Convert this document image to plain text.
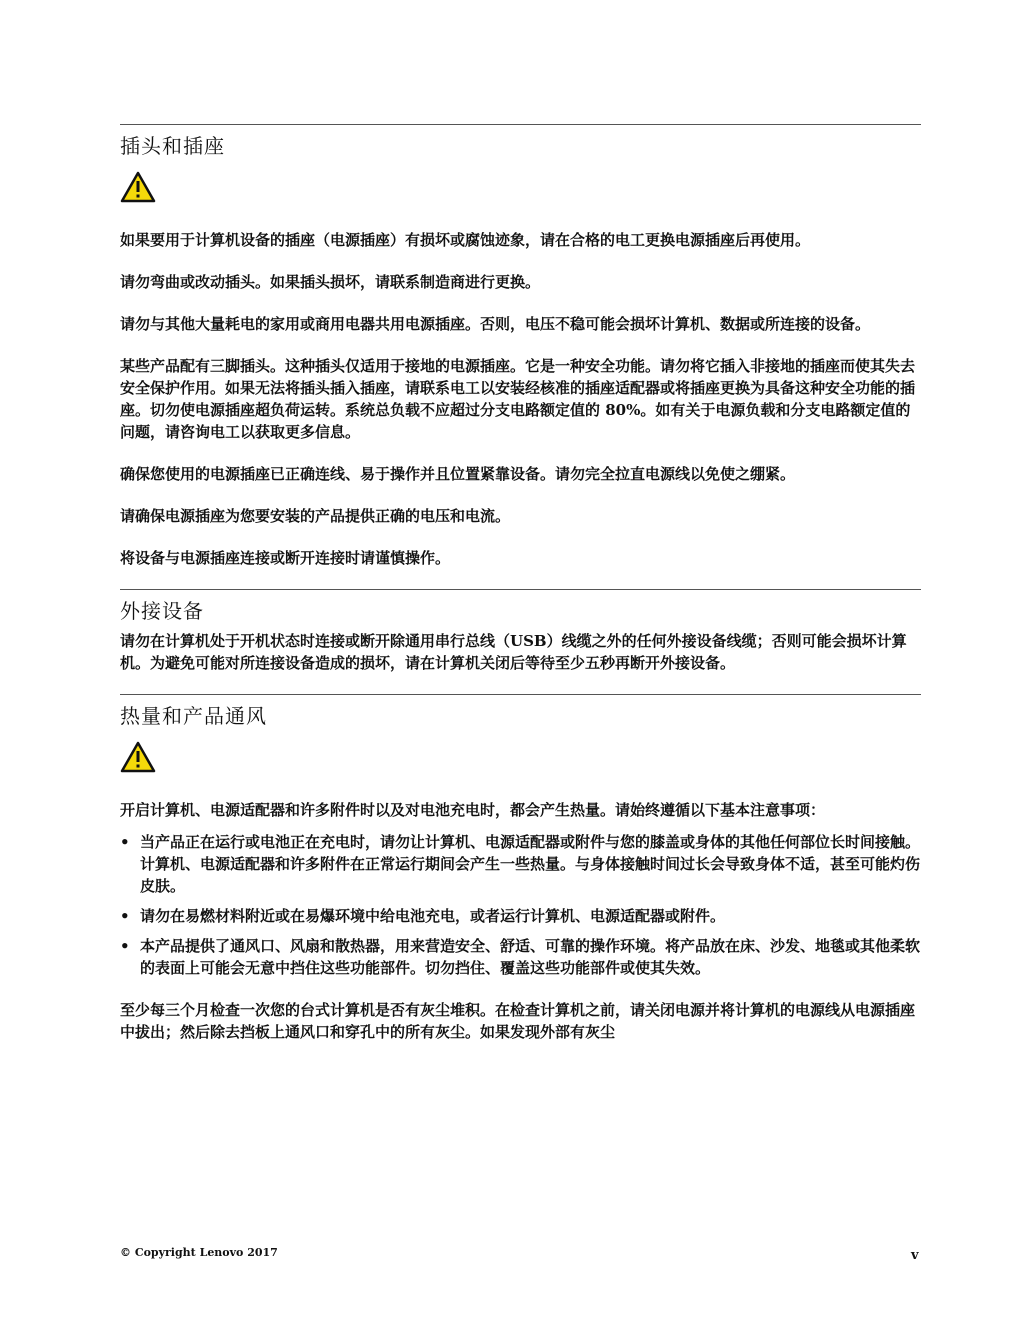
插头和插座

如果要用于计算机设备的插座（电源插座）有损坏或腐蚀迹象，请在合格的电工更换电源插座后再使用。

请勿弯曲或改动插头。如果插头损坏，请联系制造商进行更换。

请勿与其他大量耗电的家用或商用电器共用电源插座。否则，电压不稳可能会损坏计算机、数据或所连接的设备。

某些产品配有三脚插头。这种插头仅适用于接地的电源插座。它是一种安全功能。请勿将它插入非接地的插座而使其失去安全保护作用。如果无法将插头插入插座，请联系电工以安装经核准的插座适配器或将插座更换为具备这种安全功能的插座。切勿使电源插座超负荷运转。系统总负载不应超过分支电路额定值的 80%。如有关于电源负载和分支电路额定值的问题，请咨询电工以获取更多信息。

确保您使用的电源插座已正确连线、易于操作并且位置紧靠设备。请勿完全拉直电源线以免使之绷紧。

请确保电源插座为您要安装的产品提供正确的电压和电流。

将设备与电源插座连接或断开连接时请谨慎操作。

外接设备

请勿在计算机处于开机状态时连接或断开除通用串行总线（USB）线缆之外的任何外接设备线缆；否则可能会损坏计算机。为避免可能对所连接设备造成的损坏，请在计算机关闭后等待至少五秒再断开外接设备。

热量和产品通风

开启计算机、电源适配器和许多附件时以及对电池充电时，都会产生热量。请始终遵循以下基本注意事项：

• 当产品正在运行或电池正在充电时，请勿让计算机、电源适配器或附件与您的膝盖或身体的其他任何部位长时间接触。计算机、电源适配器和许多附件在正常运行期间会产生一些热量。与身体接触时间过长会导致身体不适，甚至可能灼伤皮肤。
• 请勿在易燃材料附近或在易爆环境中给电池充电，或者运行计算机、电源适配器或附件。
• 本产品提供了通风口、风扇和散热器，用来营造安全、舒适、可靠的操作环境。将产品放在床、沙发、地毯或其他柔软的表面上可能会无意中挡住这些功能部件。切勿挡住、覆盖这些功能部件或使其失效。

至少每三个月检查一次您的台式计算机是否有灰尘堆积。在检查计算机之前，请关闭电源并将计算机的电源线从电源插座中拔出；然后除去挡板上通风口和穿孔中的所有灰尘。如果发现外部有灰尘

© Copyright Lenovo 2017	v
